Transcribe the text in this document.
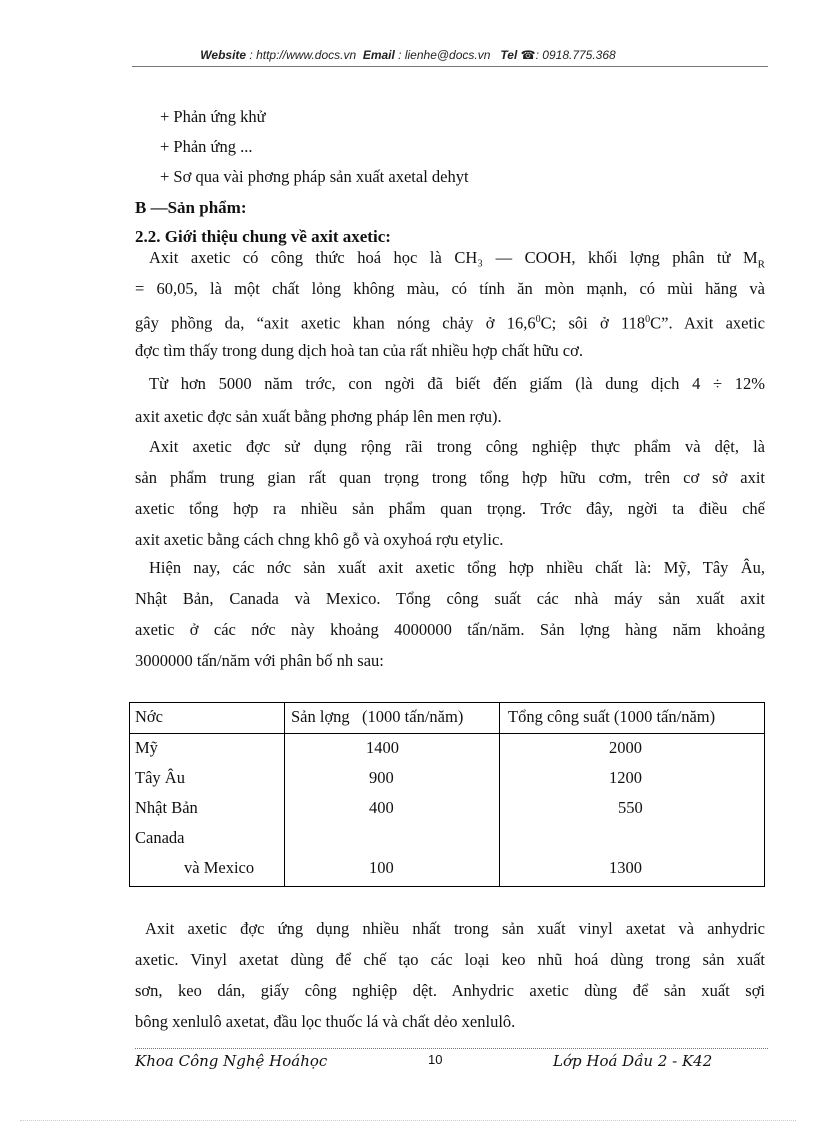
Website : http://www.docs.vn Email : lienhe@docs.vn Tel ☎: 0918.775.368
+ Phản ứng khử
+ Phản ứng ...
+ Sơ qua vài phơng pháp sản xuất axetal dehyt
B —Sản phẩm:
2.2. Giới thiệu chung về axit axetic:
Axit axetic có công thức hoá học là CH₃ — COOH, khối lợng phân tử $M_R$
= 60,05, là một chất lỏng không màu, có tính ăn mòn mạnh, có mùi hăng và
gây phồng da, “axit axetic khan nóng chảy ở 16,6$^0$C; sôi ở $118^0C$”. Axit axetic
đợc tìm thấy trong dung dịch hoà tan của rất nhiều hợp chất hữu cơ.
Từ hơn 5000 năm trớc, con ngời đã biết đến giấm (là dung dịch 4 ÷ 12%
axit axetic đợc sản xuất bằng phơng pháp lên men rợu).
Axit axetic đợc sử dụng rộng rãi trong công nghiệp thực phẩm và dệt, là
sản phẩm trung gian rất quan trọng trong tổng hợp hữu cơm, trên cơ sở axit
axetic tổng hợp ra nhiều sản phẩm quan trọng. Trớc đây, ngời ta điều chế
axit axetic bằng cách chng khô gỗ và oxyhoá rợu etylic.
Hiện nay, các nớc sản xuất axit axetic tổng hợp nhiều chất là: Mỹ, Tây Âu,
Nhật Bản, Canada và Mexico. Tổng công suất các nhà máy sản xuất axit
axetic ở các nớc này khoảng 4000000 tấn/năm. Sản lợng hàng năm khoảng
3000000 tấn/năm với phân bố nh sau:
Nớc	Sản lợng   (1000 tấn/năm)	Tổng công suất (1000 tấn/năm)
Mỹ	1400	2000
Tây Âu	900	1200
Nhật Bản	400	550
Canada
và Mexico	100	1300
Axit axetic đợc ứng dụng nhiều nhất trong sản xuất vinyl axetat và anhydric
axetic. Vinyl axetat dùng để chế tạo các loại keo nhũ hoá dùng trong sản xuất
sơn, keo dán, giấy công nghiệp dệt. Anhydric axetic dùng để sản xuất sợi
bông xenlulô axetat, đầu lọc thuốc lá và chất dẻo xenlulô.
Khoa Công Nghệ Hoáhọc	10	Lớp Hoá Dầu 2 - K42
